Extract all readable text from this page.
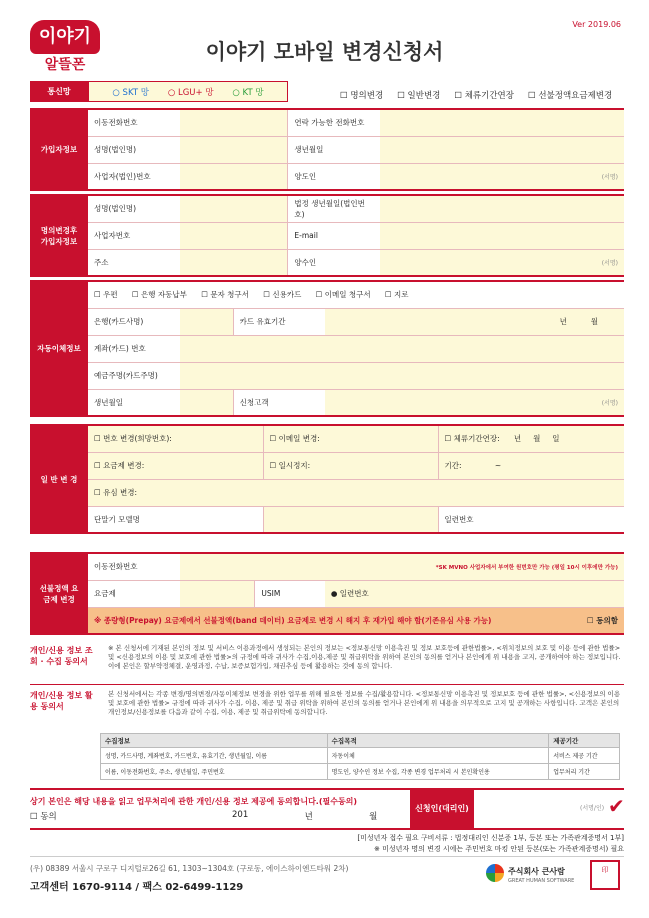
이야기
알뜰폰
Ver 2019.06
이야기 모바일 변경신청서
통신망	○ SKT 망 ○ LGU+ 망 ○ KT 망	☐ 명의변경 ☐ 일반변경 ☐ 체류기간연장 ☐ 선불정액요금제변경
가입자정보	이동전화번호		연락 가능한 전화번호	
	성명(법인명)		생년월일	
	사업자(법인)번호		양도인	(서명)
명의변경후 가입자정보	성명(법인명)		법정 생년월일(법인번호)	
	사업자번호		E-mail	
	주소		양수인	(서명)
자동이체정보	☐ 우편 ☐ 은행 자동납부 ☐ 문자 청구서 ☐ 신용카드 ☐ 이메일 청구서 ☐ 지로			
	은행(카드사명)		카드 유효기간	년 월
	계좌(카드) 번호			
	예금주명(카드주명)			
	생년월일		신청고객	(서명)
일 반 변 경	☐ 번호 변경(희망번호):	☐ 이메일 변경:	☐ 체류기간연장: 년 월 일
	☐ 요금제 변경:	☐ 일시정지:	기간: ~
	☐ 유심 변경:		
	단말기 모델명		일련번호
선불정액 요금제 변경	이동전화번호	*SK MVNO 사업자에서 부여한 원번호만 가능 (평일 10시 이후에만 가능)		
	요금제		USIM	● 일련번호
	※ 종량형(Prepay) 요금제에서 선불정액(band 데이터) 요금제로 변경 시 해지 후 재가입 해야 함(기존유심 사용 가능) ☐ 동의함			
개인/신용 정보 조회 · 수집 동의서
※ 본 신청서에 기재된 본인의 정보 및 서비스 이용과정에서 생성되는 본인의 정보는 <정보통신망 이용촉진 및 정보 보호등에 관한법률>, <위치정보의 보호 및 이용 등에 관한 법률> 및 <신용정보의 이용 및 보호에 관한 법률>의 규정에 따라 귀사가 수집,이용,제공 및 취급위탁을 위하여 본인의 동의를 얻거나 본인에게 위 내용을 고지, 공개하여야 하는 정보입니다. 이에 본인은 할부약정체결, 운영과정, 수납, 보증보험가입, 채권추심 등에 활용하는 것에 동의 합니다.
개인/신용 정보 활용 동의서
본 신청서에서는 각종 변경/명의변경/자동이체정보 변경을 위한 업무를 위해 필요한 정보를 수집/활용합니다. <정보통신망 이용촉진 및 정보보호 등에 관한 법률>, <신용정보의 이용 및 보호에 관한 법률> 규정에 따라 귀사가 수집, 이용, 제공 및 취급 위탁을 위하여 본인의 동의를 얻거나 본인에게 위 내용을 의무적으로 고지 및 공개하는 사항입니다. 고객은 본인의 개인정보/신용정보를 다음과 같이 수집, 이용, 제공 및 취급위탁에 동의합니다.
수집정보	수집목적	제공기간
성명, 카드사명, 계좌번호, 카드번호, 유효기간, 생년월일, 이름	자동이체	서비스 제공 기간
이름, 이동전화번호, 주소, 생년월일, 주민번호	명도인, 양수인 정보 수집, 각종 변경 업무처리 시 본인확인용	업무처리 기간
상기 본인은 해당 내용을 읽고 업무처리에 관한 개인/신용 정보 제공에 동의합니다.(필수동의)
☐ 동의	201	년	월
신청인(대리인)	(서명/인) ✔
[미성년자 접수 필요 구비서류 : 법정대리인 신분증 1부, 등본 또는 가족관계증명서 1부]
※ 미성년자 명의 변경 시에는 주민번호 마킹 안된 등본(또는 가족관계증명서) 필요
(우) 08389 서울시 구로구 디지털로26길 61, 1303~1304호 (구로동, 에이스하이엔드타워 2차)
고객센터 1670-9114 / 팩스 02-6499-1129
주식회사 큰사람
GREAT HUMAN SOFTWARE
印
